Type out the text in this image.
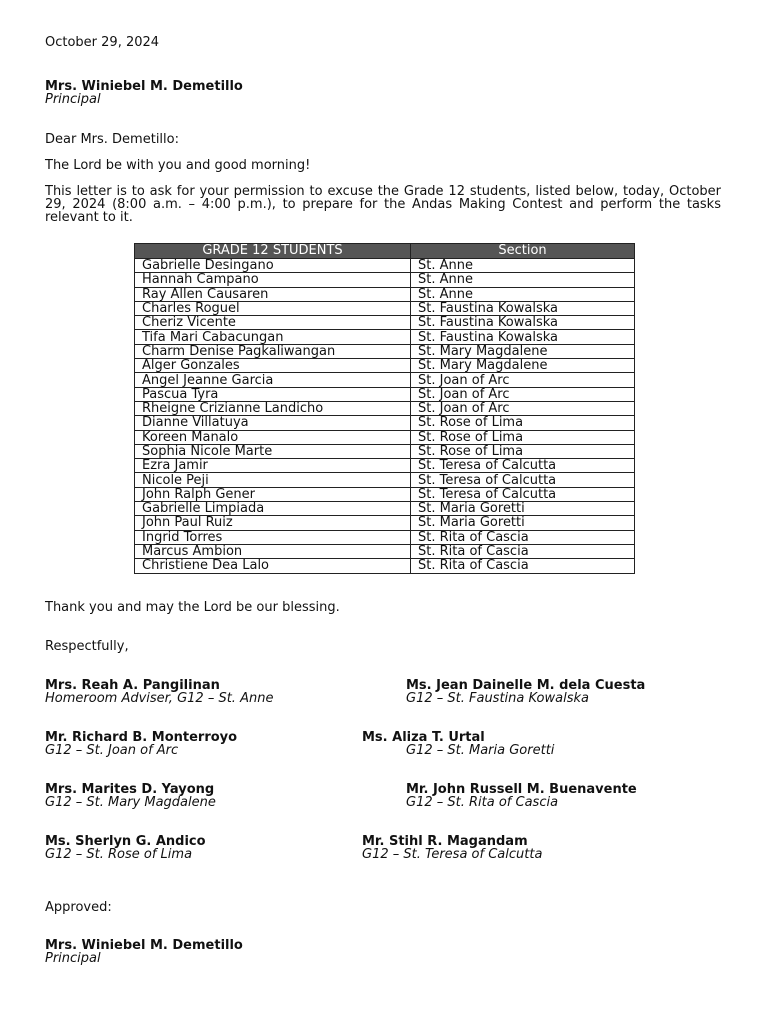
October 29, 2024
Mrs. Winiebel M. Demetillo
Principal
Dear Mrs. Demetillo:
The Lord be with you and good morning!
This letter is to ask for your permission to excuse the Grade 12 students, listed below, today, October 29, 2024 (8:00 a.m. – 4:00 p.m.), to prepare for the Andas Making Contest and perform the tasks relevant to it.
GRADE 12 STUDENTS	Section
Gabrielle Desingano	St. Anne
Hannah Campano	St. Anne
Ray Allen Causaren	St. Anne
Charles Roguel	St. Faustina Kowalska
Cheriz Vicente	St. Faustina Kowalska
Tifa Mari Cabacungan	St. Faustina Kowalska
Charm Denise Pagkaliwangan	St. Mary Magdalene
Alger Gonzales	St. Mary Magdalene
Angel Jeanne Garcia	St. Joan of Arc
Pascua Tyra	St. Joan of Arc
Rheigne Crizianne Landicho	St. Joan of Arc
Dianne Villatuya	St. Rose of Lima
Koreen Manalo	St. Rose of Lima
Sophia Nicole Marte	St. Rose of Lima
Ezra Jamir	St. Teresa of Calcutta
Nicole Peji	St. Teresa of Calcutta
John Ralph Gener	St. Teresa of Calcutta
Gabrielle Limpiada	St. Maria Goretti
John Paul Ruiz	St. Maria Goretti
Ingrid Torres	St. Rita of Cascia
Marcus Ambion	St. Rita of Cascia
Christiene Dea Lalo	St. Rita of Cascia
Thank you and may the Lord be our blessing.
Respectfully,
Mrs. Reah A. Pangilinan
Homeroom Adviser, G12 – St. Anne
Ms. Jean Dainelle M. dela Cuesta
G12 – St. Faustina Kowalska
Mr. Richard B. Monterroyo
G12 – St. Joan of Arc
Ms. Aliza T. Urtal
G12 – St. Maria Goretti
Mrs. Marites D. Yayong
G12 – St. Mary Magdalene
Mr. John Russell M. Buenavente
G12 – St. Rita of Cascia
Ms. Sherlyn G. Andico
G12 – St. Rose of Lima
Mr. Stihl R. Magandam
G12 – St. Teresa of Calcutta
Approved:
Mrs. Winiebel M. Demetillo
Principal
